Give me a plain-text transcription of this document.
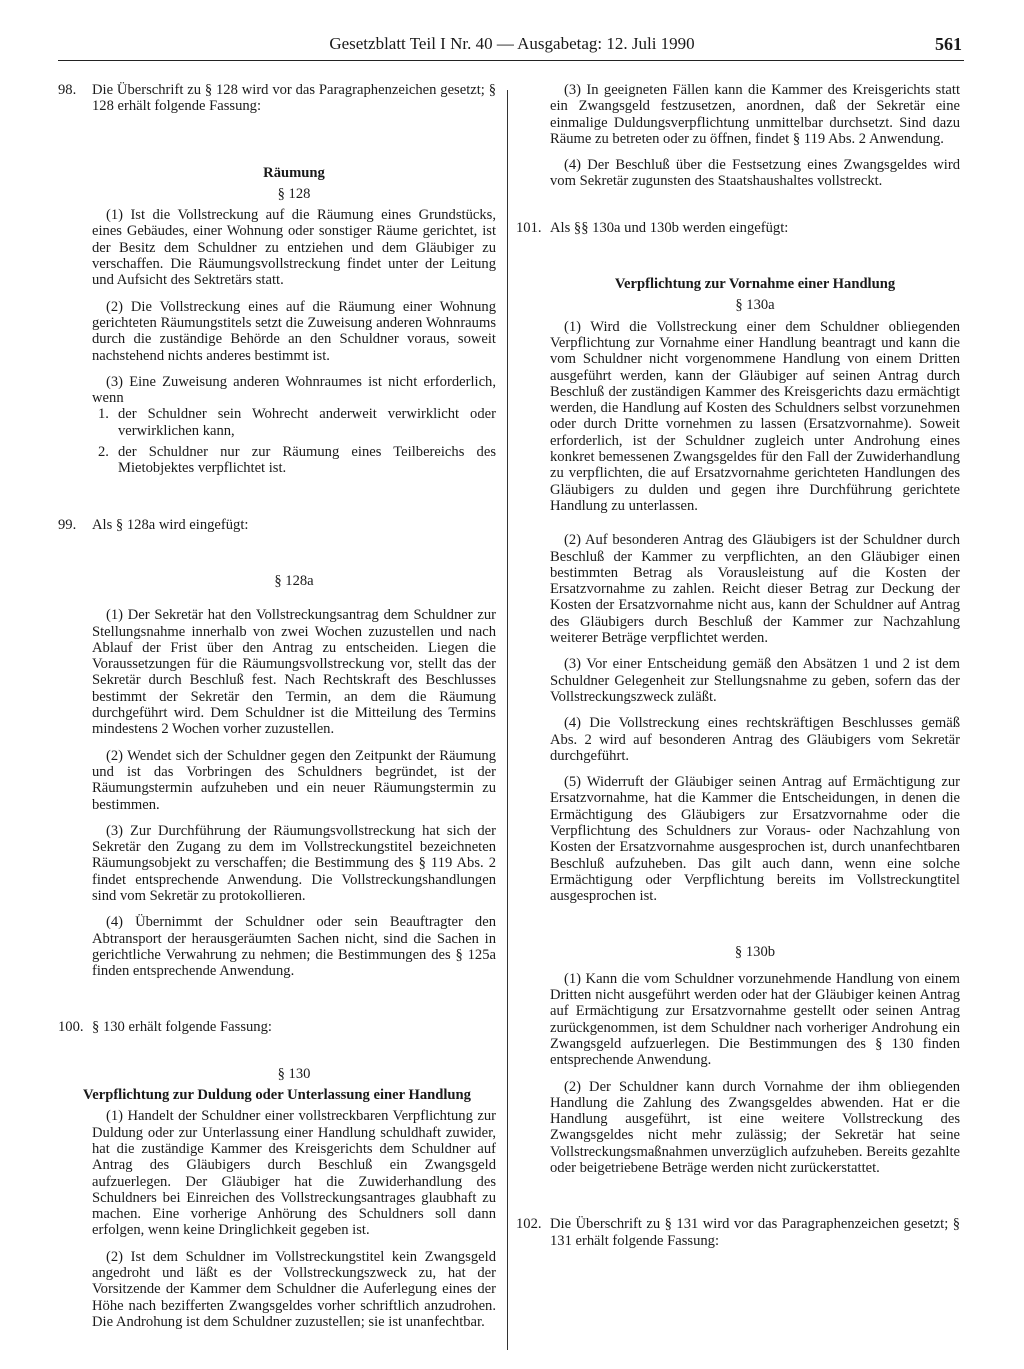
Gesetzblatt Teil I Nr. 40 — Ausgabetag: 12. Juli 1990	561
98. Die Überschrift zu § 128 wird vor das Paragraphenzeichen gesetzt; § 128 erhält folgende Fassung:
Räumung
§ 128

(1) Ist die Vollstreckung auf die Räumung eines Grundstücks, eines Gebäudes, einer Wohnung oder sonstiger Räume gerichtet, ist der Besitz dem Schuldner zu entziehen und dem Gläubiger zu verschaffen. Die Räumungsvollstreckung findet unter der Leitung und Aufsicht des Sektretärs statt.

(2) Die Vollstreckung eines auf die Räumung einer Wohnung gerichteten Räumungstitels setzt die Zuweisung anderen Wohnraums durch die zuständige Behörde an den Schuldner voraus, soweit nachstehend nichts anderes bestimmt ist.

(3) Eine Zuweisung anderen Wohnraumes ist nicht erforderlich, wenn

1. der Schuldner sein Wohrecht anderweit verwirklicht oder verwirklichen kann,
2. der Schuldner nur zur Räumung eines Teilbereichs des Mietobjektes verpflichtet ist.
99. Als § 128a wird eingefügt:
§ 128a

(1) Der Sekretär hat den Vollstreckungsantrag dem Schuldner zur Stellungsnahme innerhalb von zwei Wochen zuzustellen und nach Ablauf der Frist über den Antrag zu entscheiden. Liegen die Voraussetzungen für die Räumungsvollstreckung vor, stellt das der Sekretär durch Beschluß fest. Nach Rechtskraft des Beschlusses bestimmt der Sekretär den Termin, an dem die Räumung durchgeführt wird. Dem Schuldner ist die Mitteilung des Termins mindestens 2 Wochen vorher zuzustellen.

(2) Wendet sich der Schuldner gegen den Zeitpunkt der Räumung und ist das Vorbringen des Schuldners begründet, ist der Räumungstermin aufzuheben und ein neuer Räumungstermin zu bestimmen.

(3) Zur Durchführung der Räumungsvollstreckung hat sich der Sekretär den Zugang zu dem im Vollstreckungstitel bezeichneten Räumungsobjekt zu verschaffen; die Bestimmung des § 119 Abs. 2 findet entsprechende Anwendung. Die Vollstreckungshandlungen sind vom Sekretär zu protokollieren.

(4) Übernimmt der Schuldner oder sein Beauftragter den Abtransport der herausgeräumten Sachen nicht, sind die Sachen in gerichtliche Verwahrung zu nehmen; die Bestimmungen des § 125a finden entsprechende Anwendung.

100. § 130 erhält folgende Fassung:
§ 130
Verpflichtung zur Duldung oder Unterlassung einer Handlung

(1) Handelt der Schuldner einer vollstreckbaren Verpflichtung zur Duldung oder zur Unterlassung einer Handlung schuldhaft zuwider, hat die zuständige Kammer des Kreisgerichts dem Schuldner auf Antrag des Gläubigers durch Beschluß ein Zwangsgeld aufzuerlegen. Der Gläubiger hat die Zuwiderhandlung des Schuldners bei Einreichen des Vollstreckungsantrages glaubhaft zu machen. Eine vorherige Anhörung des Schuldners soll dann erfolgen, wenn keine Dringlichkeit gegeben ist.

(2) Ist dem Schuldner im Vollstreckungstitel kein Zwangsgeld angedroht und läßt es der Vollstreckungszweck zu, hat der Vorsitzende der Kammer dem Schuldner die Auferlegung eines der Höhe nach bezifferten Zwangsgeldes vorher schriftlich anzudrohen. Die Androhung ist dem Schuldner zuzustellen; sie ist unanfechtbar.

(3) In geeigneten Fällen kann die Kammer des Kreisgerichts statt ein Zwangsgeld festzusetzen, anordnen, daß der Sekretär eine einmalige Duldungsverpflichtung unmittelbar durchsetzt. Sind dazu Räume zu betreten oder zu öffnen, findet § 119 Abs. 2 Anwendung.

(4) Der Beschluß über die Festsetzung eines Zwangsgeldes wird vom Sekretär zugunsten des Staatshaushaltes vollstreckt.

101. Als §§ 130a und 130b werden eingefügt:
Verpflichtung zur Vornahme einer Handlung
§ 130a

(1) Wird die Vollstreckung einer dem Schuldner obliegenden Verpflichtung zur Vornahme einer Handlung beantragt und kann die vom Schuldner nicht vorgenommene Handlung von einem Dritten ausgeführt werden, kann der Gläubiger auf seinen Antrag durch Beschluß der zuständigen Kammer des Kreisgerichts dazu ermächtigt werden, die Handlung auf Kosten des Schuldners selbst vorzunehmen oder durch Dritte vornehmen zu lassen (Ersatzvornahme). Soweit erforderlich, ist der Schuldner zugleich unter Androhung eines konkret bemessenen Zwangsgeldes für den Fall der Zuwiderhandlung zu verpflichten, die auf Ersatzvornahme gerichteten Handlungen des Gläubigers zu dulden und gegen ihre Durchführung gerichtete Handlung zu unterlassen.

(2) Auf besonderen Antrag des Gläubigers ist der Schuldner durch Beschluß der Kammer zu verpflichten, an den Gläubiger einen bestimmten Betrag als Vorausleistung auf die Kosten der Ersatzvornahme zu zahlen. Reicht dieser Betrag zur Deckung der Kosten der Ersatzvornahme nicht aus, kann der Schuldner auf Antrag des Gläubigers durch Beschluß der Kammer zur Nachzahlung weiterer Beträge verpflichtet werden.

(3) Vor einer Entscheidung gemäß den Absätzen 1 und 2 ist dem Schuldner Gelegenheit zur Stellungsnahme zu geben, sofern das der Vollstreckungszweck zuläßt.

(4) Die Vollstreckung eines rechtskräftigen Beschlusses gemäß Abs. 2 wird auf besonderen Antrag des Gläubigers vom Sekretär durchgeführt.

(5) Widerruft der Gläubiger seinen Antrag auf Ermächtigung zur Ersatzvornahme, hat die Kammer die Entscheidungen, in denen die Ermächtigung des Gläubigers zur Ersatzvornahme oder die Verpflichtung des Schuldners zur Voraus- oder Nachzahlung von Kosten der Ersatzvornahme ausgesprochen ist, durch unanfechtbaren Beschluß aufzuheben. Das gilt auch dann, wenn eine solche Ermächtigung oder Verpflichtung bereits im Vollstreckungtitel ausgesprochen ist.

§ 130b

(1) Kann die vom Schuldner vorzunehmende Handlung von einem Dritten nicht ausgeführt werden oder hat der Gläubiger keinen Antrag auf Ermächtigung zur Ersatzvornahme gestellt oder seinen Antrag zurückgenommen, ist dem Schuldner nach vorheriger Androhung ein Zwangsgeld aufzuerlegen. Die Bestimmungen des § 130 finden entsprechende Anwendung.

(2) Der Schuldner kann durch Vornahme der ihm obliegenden Handlung die Zahlung des Zwangsgeldes abwenden. Hat er die Handlung ausgeführt, ist eine weitere Vollstreckung des Zwangsgeldes nicht mehr zulässig; der Sekretär hat seine Vollstreckungsmaßnahmen unverzüglich aufzuheben. Bereits gezahlte oder beigetriebene Beträge werden nicht zurückerstattet.

102. Die Überschrift zu § 131 wird vor das Paragraphenzeichen gesetzt; § 131 erhält folgende Fassung:
